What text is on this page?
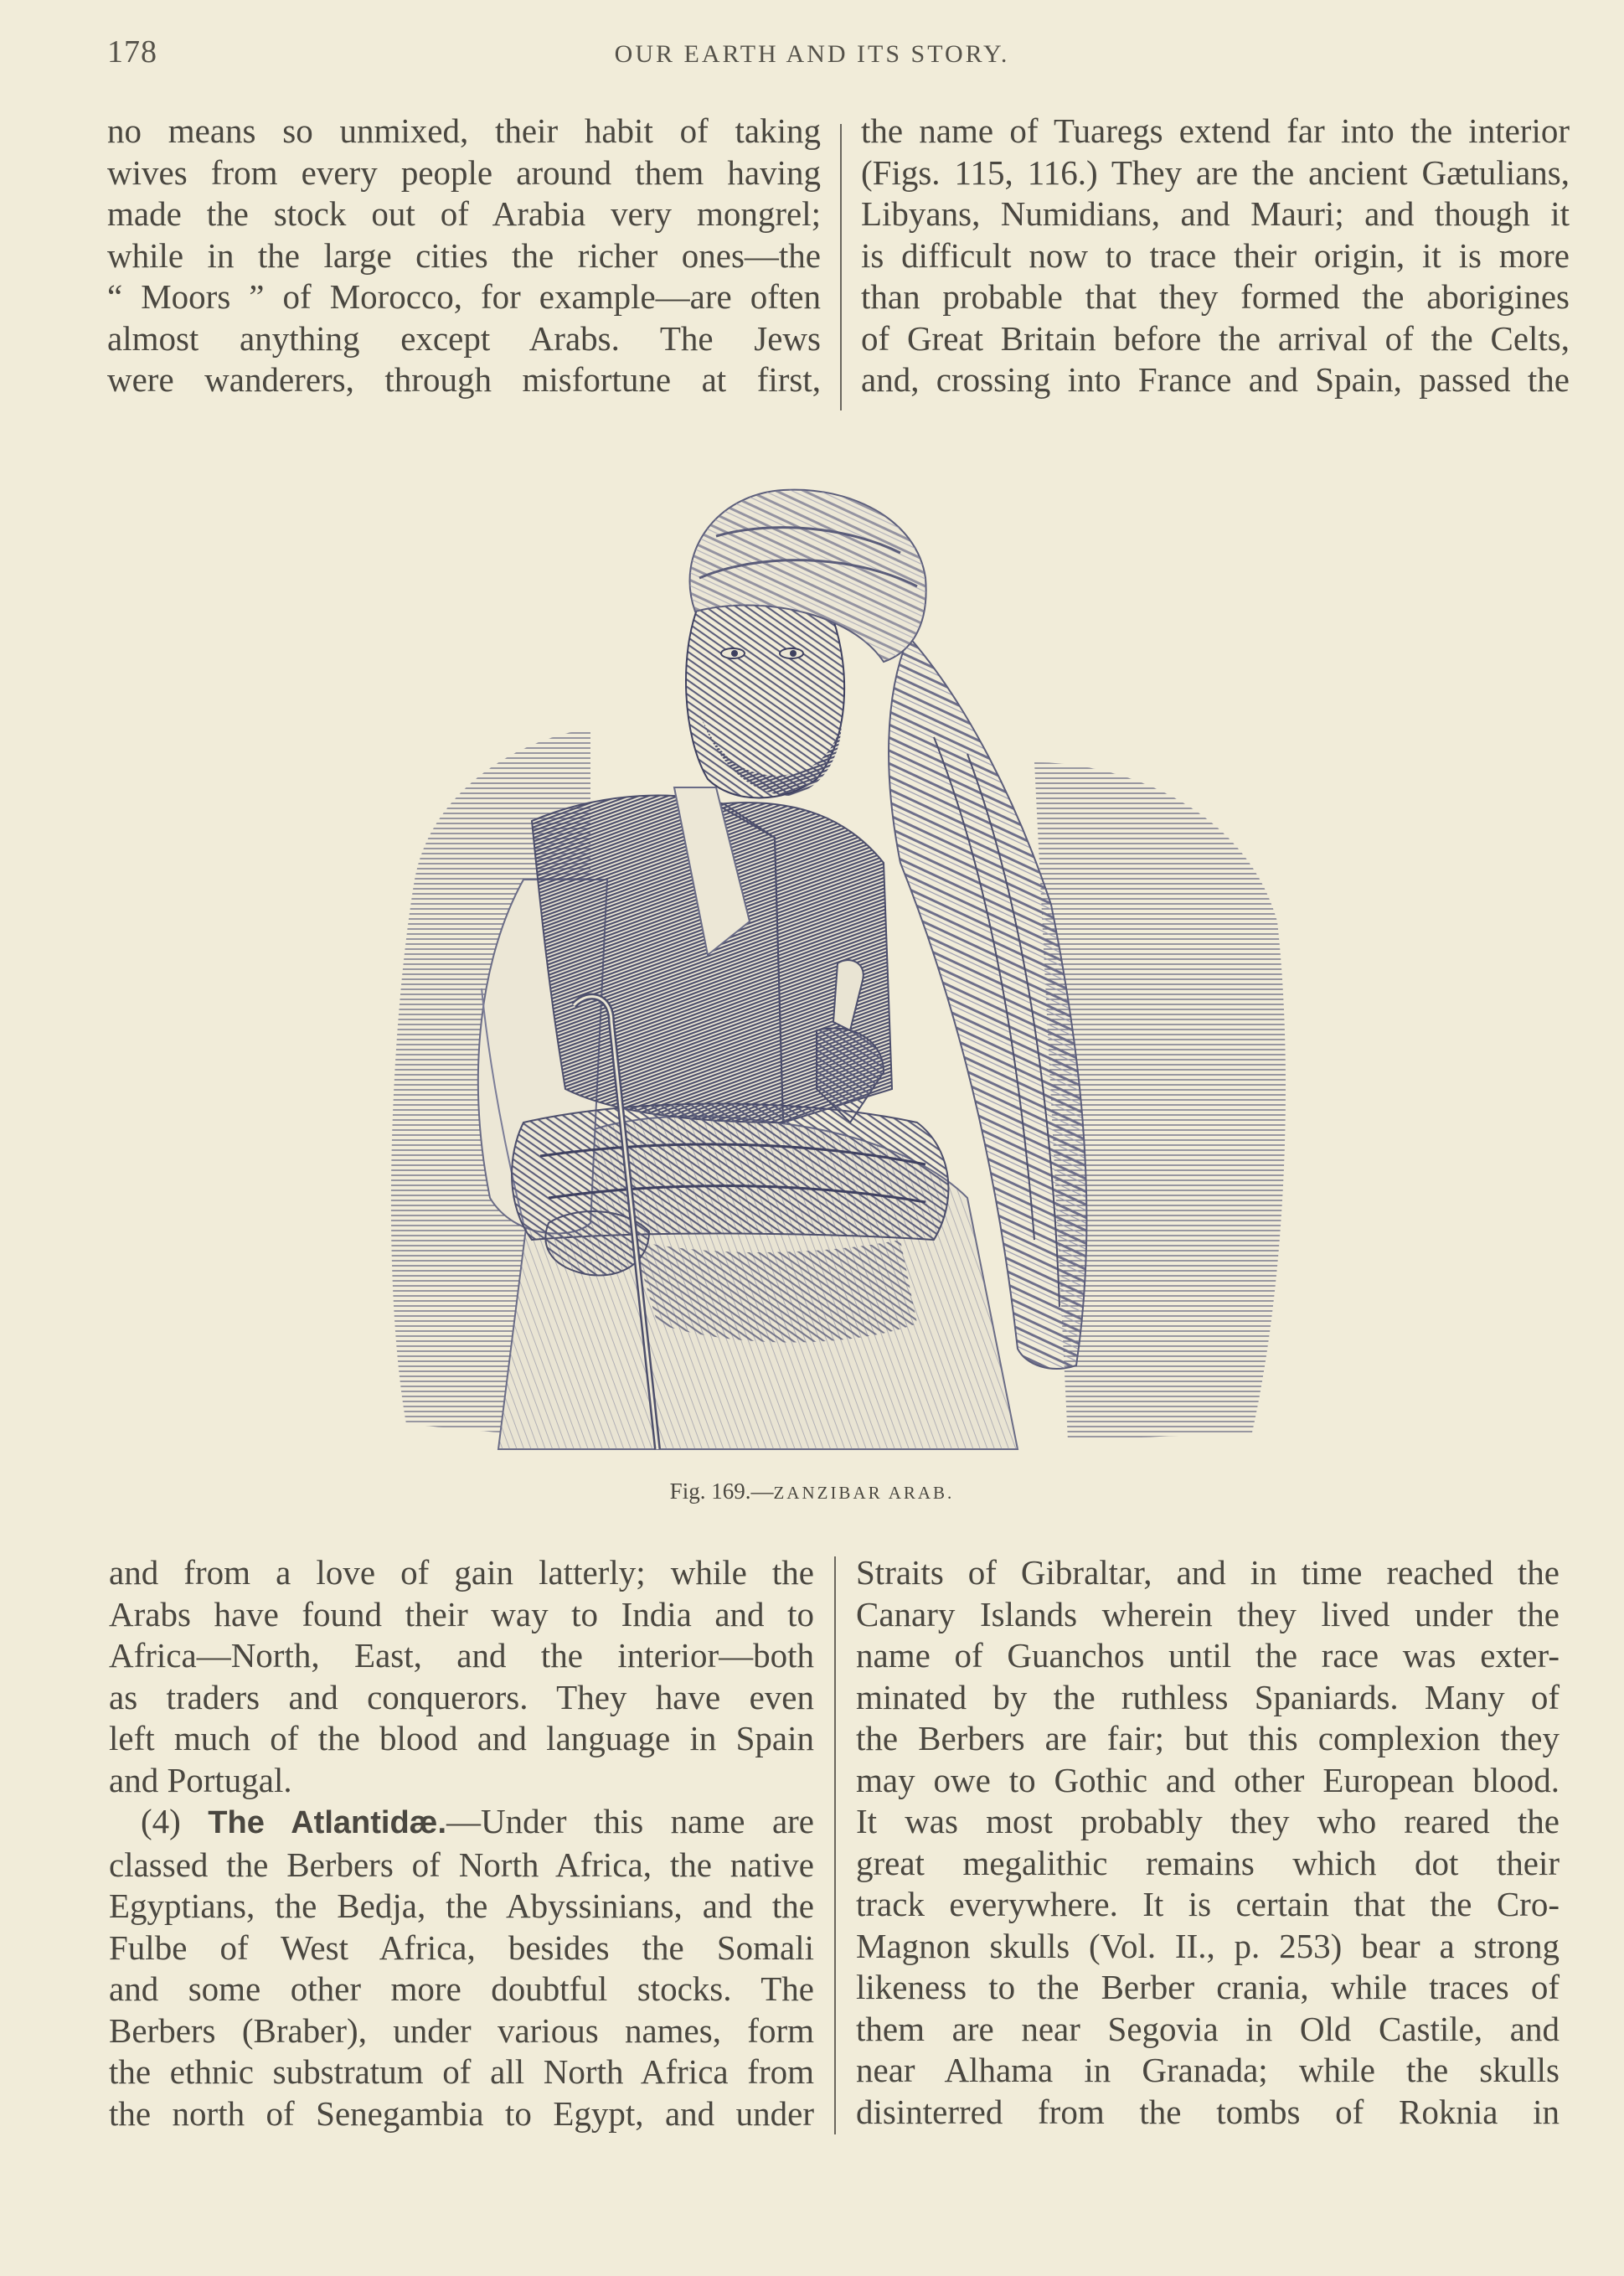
178	OUR EARTH AND ITS STORY.

no means so unmixed, their habit of taking
wives from every people around them having
made the stock out of Arabia very mongrel;
while in the large cities the richer ones—the
“ Moors ” of Morocco, for example—are often
almost anything except Arabs. The Jews
were wanderers, through misfortune at first,

the name of Tuaregs extend far into the interior
(Figs. 115, 116.) They are the ancient Gætulians,
Libyans, Numidians, and Mauri; and though it
is difficult now to trace their origin, it is more
than probable that they formed the aborigines
of Great Britain before the arrival of the Celts,
and, crossing into France and Spain, passed the

Fig. 169.—ZANZIBAR ARAB.

and from a love of gain latterly; while the
Arabs have found their way to India and to
Africa—North, East, and the interior—both
as traders and conquerors. They have even
left much of the blood and language in Spain
and Portugal.

(4) The Atlantidæ.—Under this name are
classed the Berbers of North Africa, the native
Egyptians, the Bedja, the Abyssinians, and the
Fulbe of West Africa, besides the Somali
and some other more doubtful stocks. The
Berbers (Braber), under various names, form
the ethnic substratum of all North Africa from
the north of Senegambia to Egypt, and under

Straits of Gibraltar, and in time reached the
Canary Islands wherein they lived under the
name of Guanchos until the race was exter-
minated by the ruthless Spaniards. Many of
the Berbers are fair; but this complexion they
may owe to Gothic and other European blood.
It was most probably they who reared the
great megalithic remains which dot their
track everywhere. It is certain that the Cro-
Magnon skulls (Vol. II., p. 253) bear a strong
likeness to the Berber crania, while traces of
them are near Segovia in Old Castile, and
near Alhama in Granada; while the skulls
disinterred from the tombs of Roknia in
